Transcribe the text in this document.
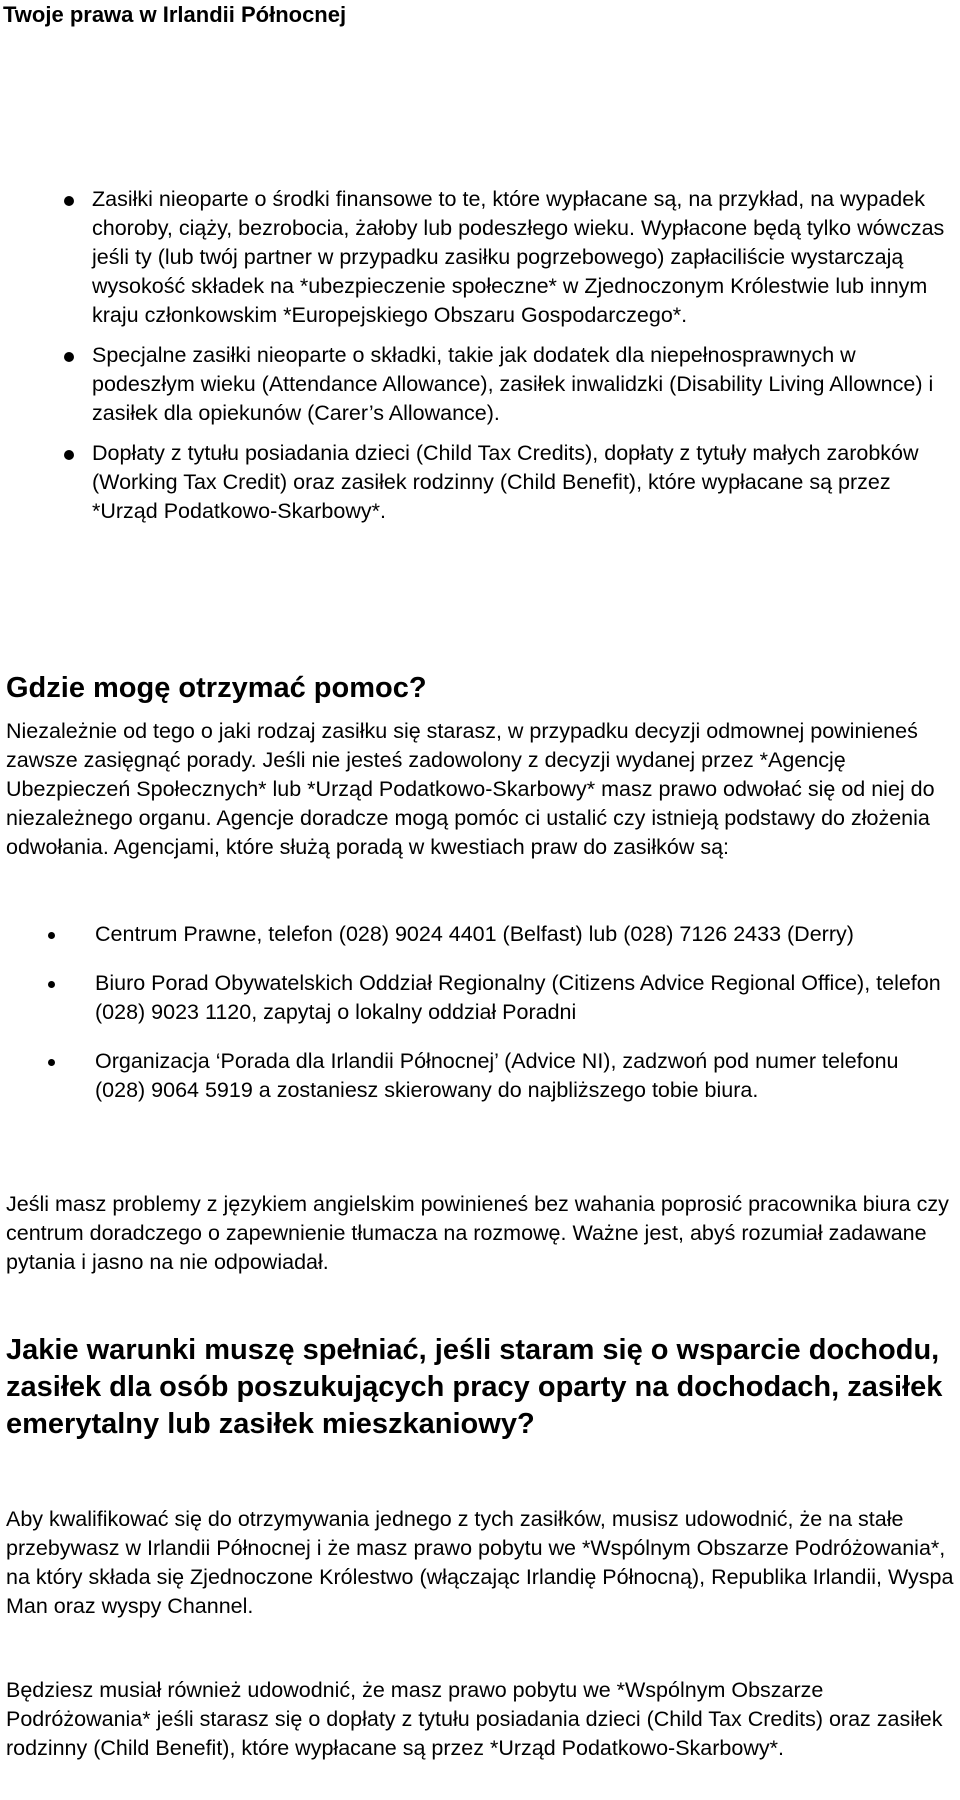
Twoje prawa w Irlandii Północnej
Zasiłki nieoparte o środki finansowe to te, które wypłacane są, na przykład, na wypadek choroby, ciąży, bezrobocia, żałoby lub podeszłego wieku. Wypłacone będą tylko wówczas jeśli ty (lub twój partner w przypadku zasiłku pogrzebowego) zapłaciliście wystarczają wysokość składek na *ubezpieczenie społeczne* w Zjednoczonym Królestwie lub innym kraju członkowskim *Europejskiego Obszaru Gospodarczego*.
Specjalne zasiłki nieoparte o składki, takie jak dodatek dla niepełnosprawnych w podeszłym wieku (Attendance Allowance), zasiłek inwalidzki (Disability Living Allownce) i zasiłek dla opiekunów (Carer’s Allowance).
Dopłaty z tytułu posiadania dzieci (Child Tax Credits), dopłaty z tytuły małych zarobków (Working Tax Credit) oraz zasiłek rodzinny (Child Benefit), które wypłacane są przez *Urząd Podatkowo-Skarbowy*.
Gdzie mogę otrzymać pomoc?

Niezależnie od tego o jaki rodzaj zasiłku się starasz, w przypadku decyzji odmownej powinieneś zawsze zasięgnąć porady. Jeśli nie jesteś zadowolony z decyzji wydanej przez *Agencję Ubezpieczeń Społecznych* lub *Urząd Podatkowo-Skarbowy* masz prawo odwołać się od niej do niezależnego organu. Agencje doradcze mogą pomóc ci ustalić czy istnieją podstawy do złożenia odwołania. Agencjami, które służą poradą w kwestiach praw do zasiłków są:

Centrum Prawne, telefon (028) 9024 4401 (Belfast) lub (028) 7126 2433 (Derry)
Biuro Porad Obywatelskich Oddział Regionalny (Citizens Advice Regional Office), telefon (028) 9023 1120, zapytaj o lokalny oddział Poradni
Organizacja ‘Porada dla Irlandii Północnej’ (Advice NI), zadzwoń pod numer telefonu (028) 9064 5919 a zostaniesz skierowany do najbliższego tobie biura.

Jeśli masz problemy z językiem angielskim powinieneś bez wahania poprosić pracownika biura czy centrum doradczego o zapewnienie tłumacza na rozmowę. Ważne jest, abyś rozumiał zadawane pytania i jasno na nie odpowiadał.

Jakie warunki muszę spełniać, jeśli staram się o wsparcie dochodu, zasiłek dla osób poszukujących pracy oparty na dochodach, zasiłek emerytalny lub zasiłek mieszkaniowy?

Aby kwalifikować się do otrzymywania jednego z tych zasiłków, musisz udowodnić, że na stałe przebywasz w Irlandii Północnej i że masz prawo pobytu we *Wspólnym Obszarze Podróżowania*, na który składa się Zjednoczone Królestwo (włączając Irlandię Północną), Republika Irlandii, Wyspa Man oraz wyspy Channel.

Będziesz musiał również udowodnić, że masz prawo pobytu we *Wspólnym Obszarze Podróżowania* jeśli starasz się o dopłaty z tytułu posiadania dzieci (Child Tax Credits) oraz zasiłek rodzinny (Child Benefit), które wypłacane są przez *Urząd Podatkowo-Skarbowy*.
